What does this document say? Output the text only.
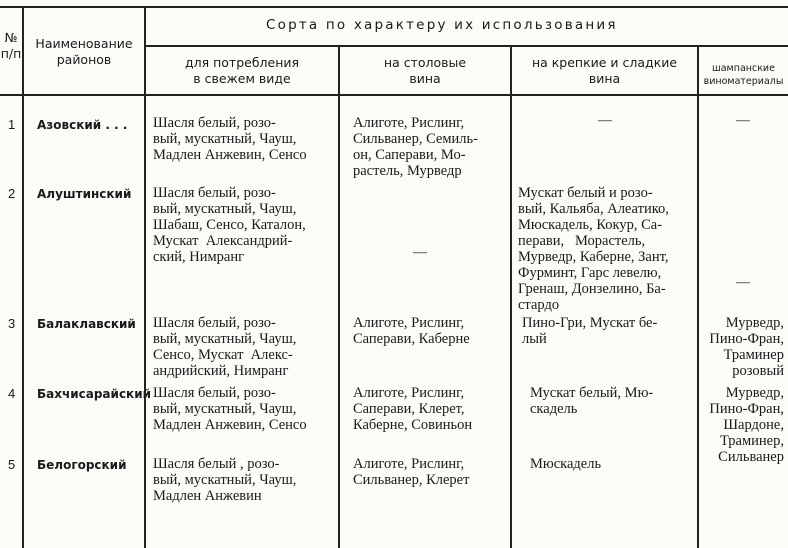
№
п/п
Наименование
районов
Сорта по характеру их использования
для потребления
в свежем виде
на столовые
вина
на крепкие и сладкие
вина
шампанские
виноматериалы
1 Азовский . . . Шасля белый, розо-
вый, мускатный, Чауш,
Мадлен Анжевин, Сенсо
Алиготе, Рислинг,
Сильванер, Семиль-
он, Саперави, Мо-
растель, Мурведр
—	—
2 Алуштинский Шасля белый, розо-
вый, мускатный, Чауш,
Шабаш, Сенсо, Каталон,
Мускат  Александрий-
ский, Нимранг	—
Мускат белый и розо-
вый, Кальяба, Алеатико,
Мюскадель, Кокур, Са-
перави,   Морастель,
Мурведр, Каберне, Зант,
Фурминт, Гарс левелю,
Гренаш, Донзелино, Ба-
стардо
—
3 Балаклавский Шасля белый, розо-
вый, мускатный, Чауш,
Сенсо, Мускат  Алекс-
андрийский, Нимранг
Алиготе, Рислинг,
Саперави, Каберне
Пино-Гри, Мускат бе-
лый
Мурведр,
Пино-Фран,
Траминер
розовый
4 Бахчисарайский Шасля белый, розо-
вый, мускатный, Чауш,
Мадлен Анжевин, Сенсо
Алиготе, Рислинг,
Саперави, Клерет,
Каберне, Совиньон
Мускат белый, Мю-
скадель
Мурведр,
Пино-Фран,
Шардоне,
Траминер,
Сильванер
5 Белогорский Шасля белый , розо-
вый, мускатный, Чауш,
Мадлен Анжевин
Алиготе, Рислинг,
Сильванер, Клерет
Мюскадель
